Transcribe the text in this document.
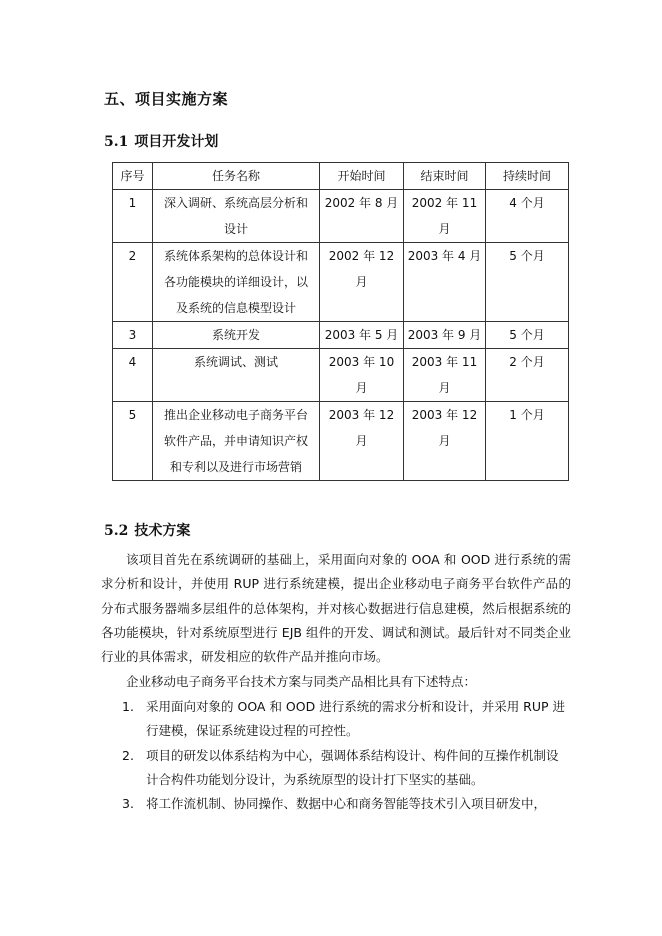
五、项目实施方案
5.1 项目开发计划
序号	任务名称	开始时间	结束时间	持续时间
1	深入调研、系统高层分析和设计	2002 年 8 月	2002 年 11 月	4 个月
2	系统体系架构的总体设计和各功能模块的详细设计，以及系统的信息模型设计	2002 年 12 月	2003 年 4 月	5 个月
3	系统开发	2003 年 5 月	2003 年 9 月	5 个月
4	系统调试、测试	2003 年 10 月	2003 年 11 月	2 个月
5	推出企业移动电子商务平台软件产品，并申请知识产权和专利以及进行市场营销	2003 年 12 月	2003 年 12 月	1 个月
5.2 技术方案

该项目首先在系统调研的基础上，采用面向对象的 OOA 和 OOD 进行系统的需求分析和设计，并使用 RUP 进行系统建模，提出企业移动电子商务平台软件产品的分布式服务器端多层组件的总体架构，并对核心数据进行信息建模，然后根据系统的各功能模块，针对系统原型进行 EJB 组件的开发、调试和测试。最后针对不同类企业行业的具体需求，研发相应的软件产品并推向市场。

企业移动电子商务平台技术方案与同类产品相比具有下述特点：

1. 采用面向对象的 OOA 和 OOD 进行系统的需求分析和设计，并采用 RUP 进行建模，保证系统建设过程的可控性。
2. 项目的研发以体系结构为中心，强调体系结构设计、构件间的互操作机制设计合构件功能划分设计，为系统原型的设计打下坚实的基础。
3. 将工作流机制、协同操作、数据中心和商务智能等技术引入项目研发中，
